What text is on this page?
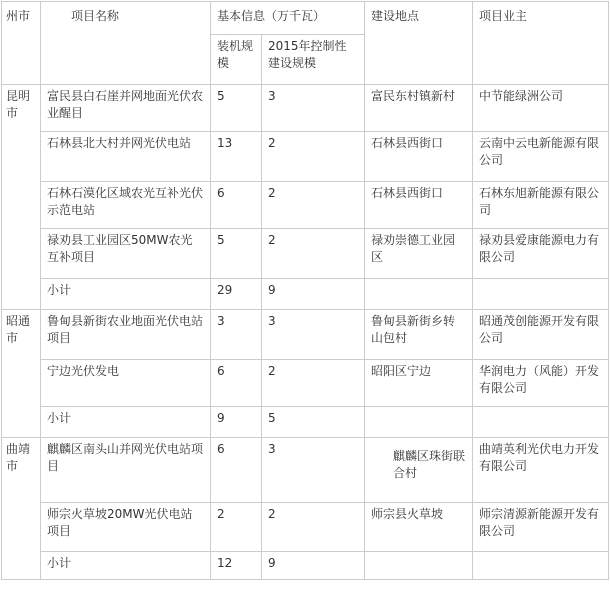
州市	项目名称	基本信息（万千瓦）		建设地点	项目业主
		装机规模	2015年控制性建设规模		
昆明市	富民县白石崖并网地面光伏农业醒目	5	3	富民东村镇新村	中节能绿洲公司
	石林县北大村并网光伏电站	13	2	石林县西街口	云南中云电新能源有限公司
	石林石漠化区域农光互补光伏示范电站	6	2	石林县西街口	石林东旭新能源有限公司
	禄劝县工业园区50MW农光互补项目	5	2	禄劝崇德工业园区	禄劝县爱康能源电力有限公司
	小计	29	9		
昭通市	鲁甸县新街农业地面光伏电站项目	3	3	鲁甸县新街乡转山包村	昭通茂创能源开发有限公司
	宁边光伏发电	6	2	昭阳区宁边	华润电力（风能）开发有限公司
	小计	9	5		
曲靖市	麒麟区南头山并网光伏电站项目	6	3	麒麟区珠街联合村	曲靖英利光伏电力开发有限公司
	师宗火草坡20MW光伏电站项目	2	2	师宗县火草坡	师宗清源新能源开发有限公司
	小计	12	9		
